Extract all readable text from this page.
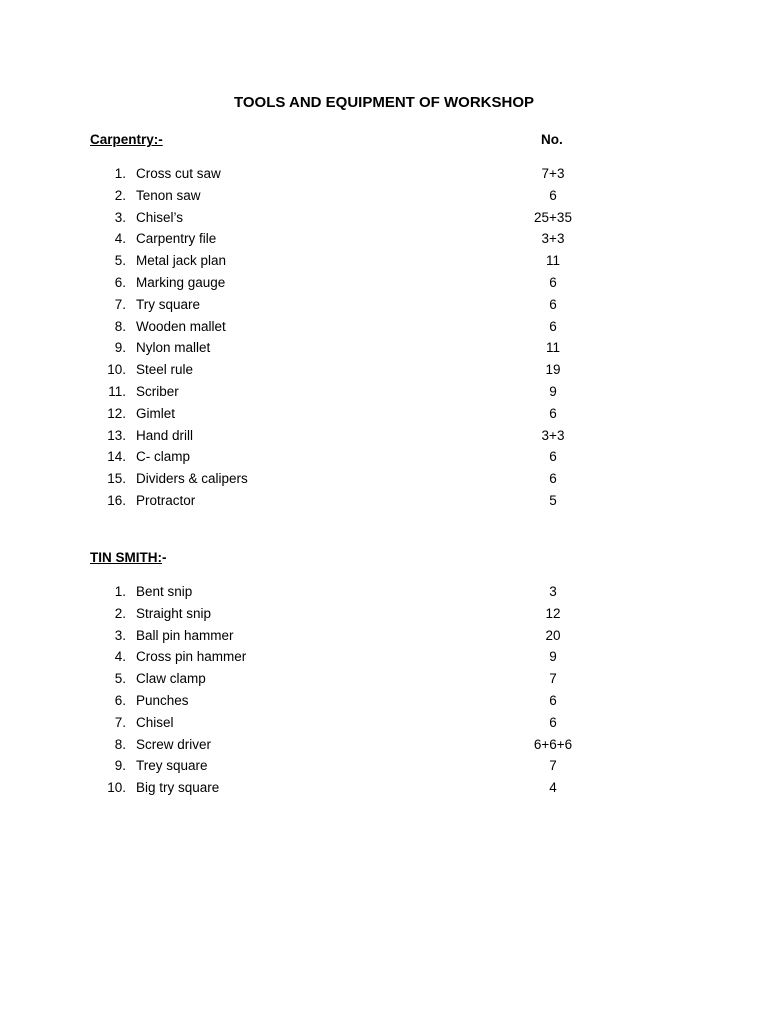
TOOLS AND EQUIPMENT OF WORKSHOP
Carpentry:-	No.
1. Cross cut saw	7+3
2. Tenon saw	6
3. Chisel’s	25+35
4. Carpentry file	3+3
5. Metal jack plan	11
6. Marking gauge	6
7. Try square	6
8. Wooden mallet	6
9. Nylon mallet	11
10. Steel rule	19
11. Scriber	9
12. Gimlet	6
13. Hand drill	3+3
14. C- clamp	6
15. Dividers & calipers	6
16. Protractor	5
TIN SMITH:-
1. Bent snip	3
2. Straight snip	12
3. Ball pin hammer	20
4. Cross pin hammer	9
5. Claw clamp	7
6. Punches	6
7. Chisel	6
8. Screw driver	6+6+6
9. Trey square	7
10. Big try square	4
